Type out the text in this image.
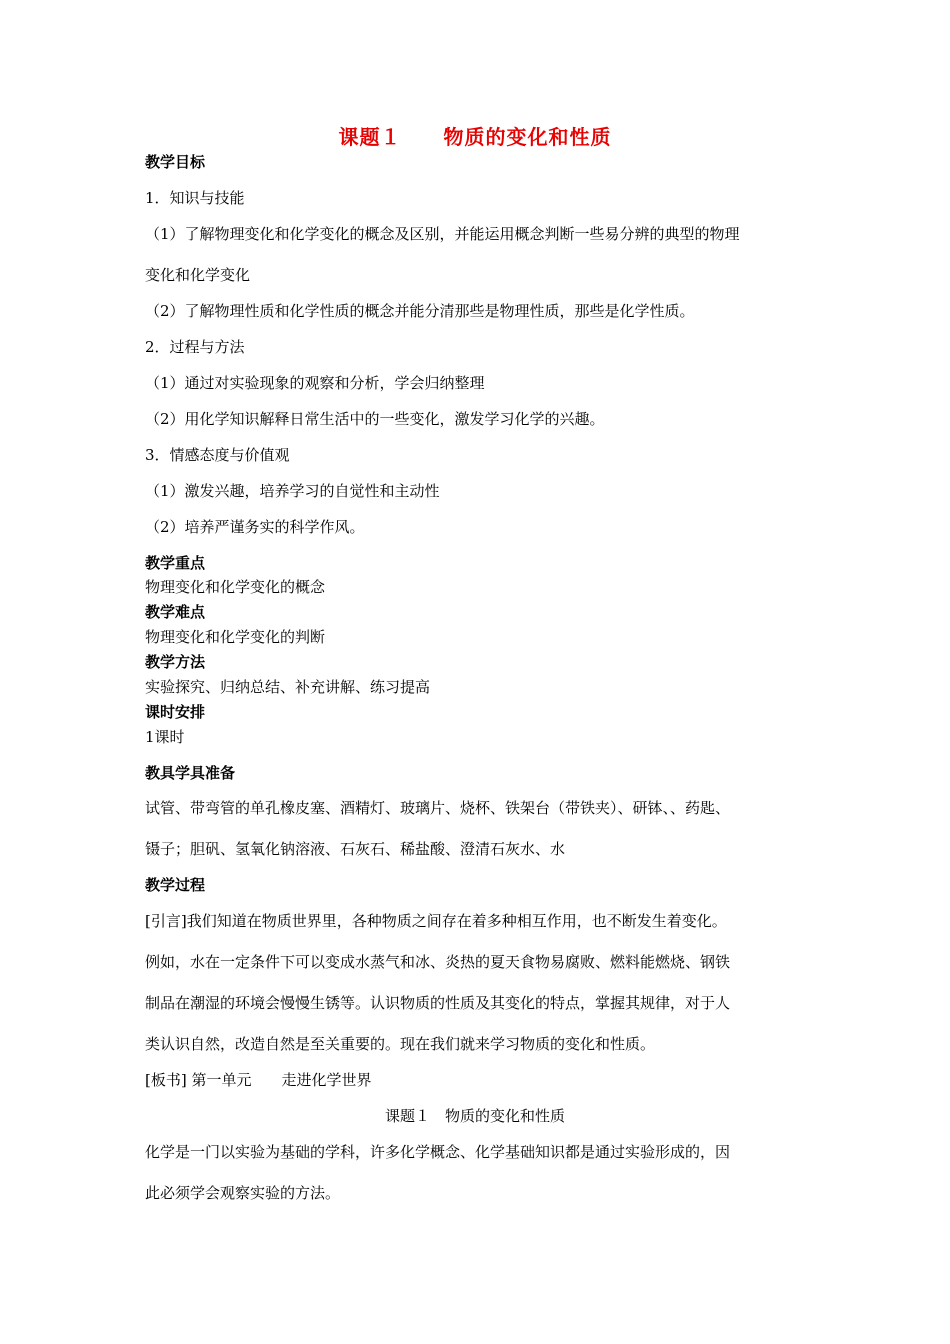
课题１　　物质的变化和性质
教学目标
1．知识与技能
（1）了解物理变化和化学变化的概念及区别，并能运用概念判断一些易分辨的典型的物理
变化和化学变化
（2）了解物理性质和化学性质的概念并能分清那些是物理性质，那些是化学性质。
2．过程与方法
（1）通过对实验现象的观察和分析，学会归纳整理
（2）用化学知识解释日常生活中的一些变化，激发学习化学的兴趣。
3．情感态度与价值观
（1）激发兴趣，培养学习的自觉性和主动性
（2）培养严谨务实的科学作风。
教学重点
物理变化和化学变化的概念
教学难点
物理变化和化学变化的判断
教学方法
实验探究、归纳总结、补充讲解、练习提高
课时安排
1课时
教具学具准备
试管、带弯管的单孔橡皮塞、酒精灯、玻璃片、烧杯、铁架台（带铁夹）、研钵、、药匙、
镊子；胆矾、氢氧化钠溶液、石灰石、稀盐酸、澄清石灰水、水
教学过程
[引言]我们知道在物质世界里，各种物质之间存在着多种相互作用，也不断发生着变化。
例如，水在一定条件下可以变成水蒸气和冰、炎热的夏天食物易腐败、燃料能燃烧、钢铁
制品在潮湿的环境会慢慢生锈等。认识物质的性质及其变化的特点，掌握其规律，对于人
类认识自然，改造自然是至关重要的。现在我们就来学习物质的变化和性质。
[板书] 第一单元　　走进化学世界
课题１　物质的变化和性质
化学是一门以实验为基础的学科，许多化学概念、化学基础知识都是通过实验形成的，因
此必须学会观察实验的方法。
